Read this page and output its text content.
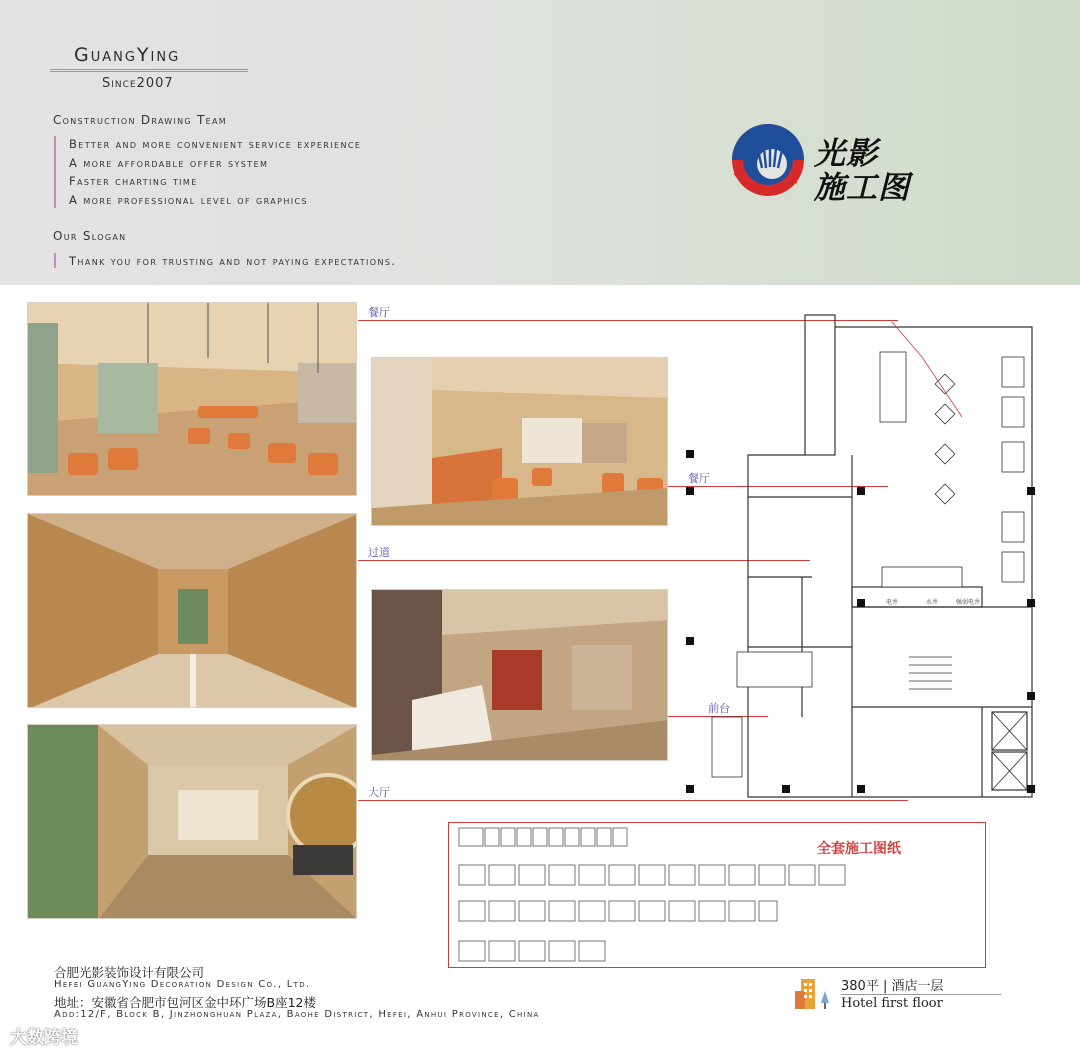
GuangYing
Since2007
Construction Drawing Team
Better and more convenient service experience
A more affordable offer system
Faster charting time
A more professional level of graphics
Our Slogan
Thank you for trusting and not paying expectations.
光影
施工图
餐厅
餐厅
过道
前台
大厅
电井	水井	强弱电井
全套施工图纸
合肥光影装饰设计有限公司
Hefei GuangYing Decoration Design Co., Ltd.
地址：安徽省合肥市包河区金中环广场B座12楼
Add:12/F, Block B, Jinzhonghuan Plaza, Baohe District, Hefei, Anhui Province, China
380平 | 酒店一层
Hotel first floor
大数跨境
